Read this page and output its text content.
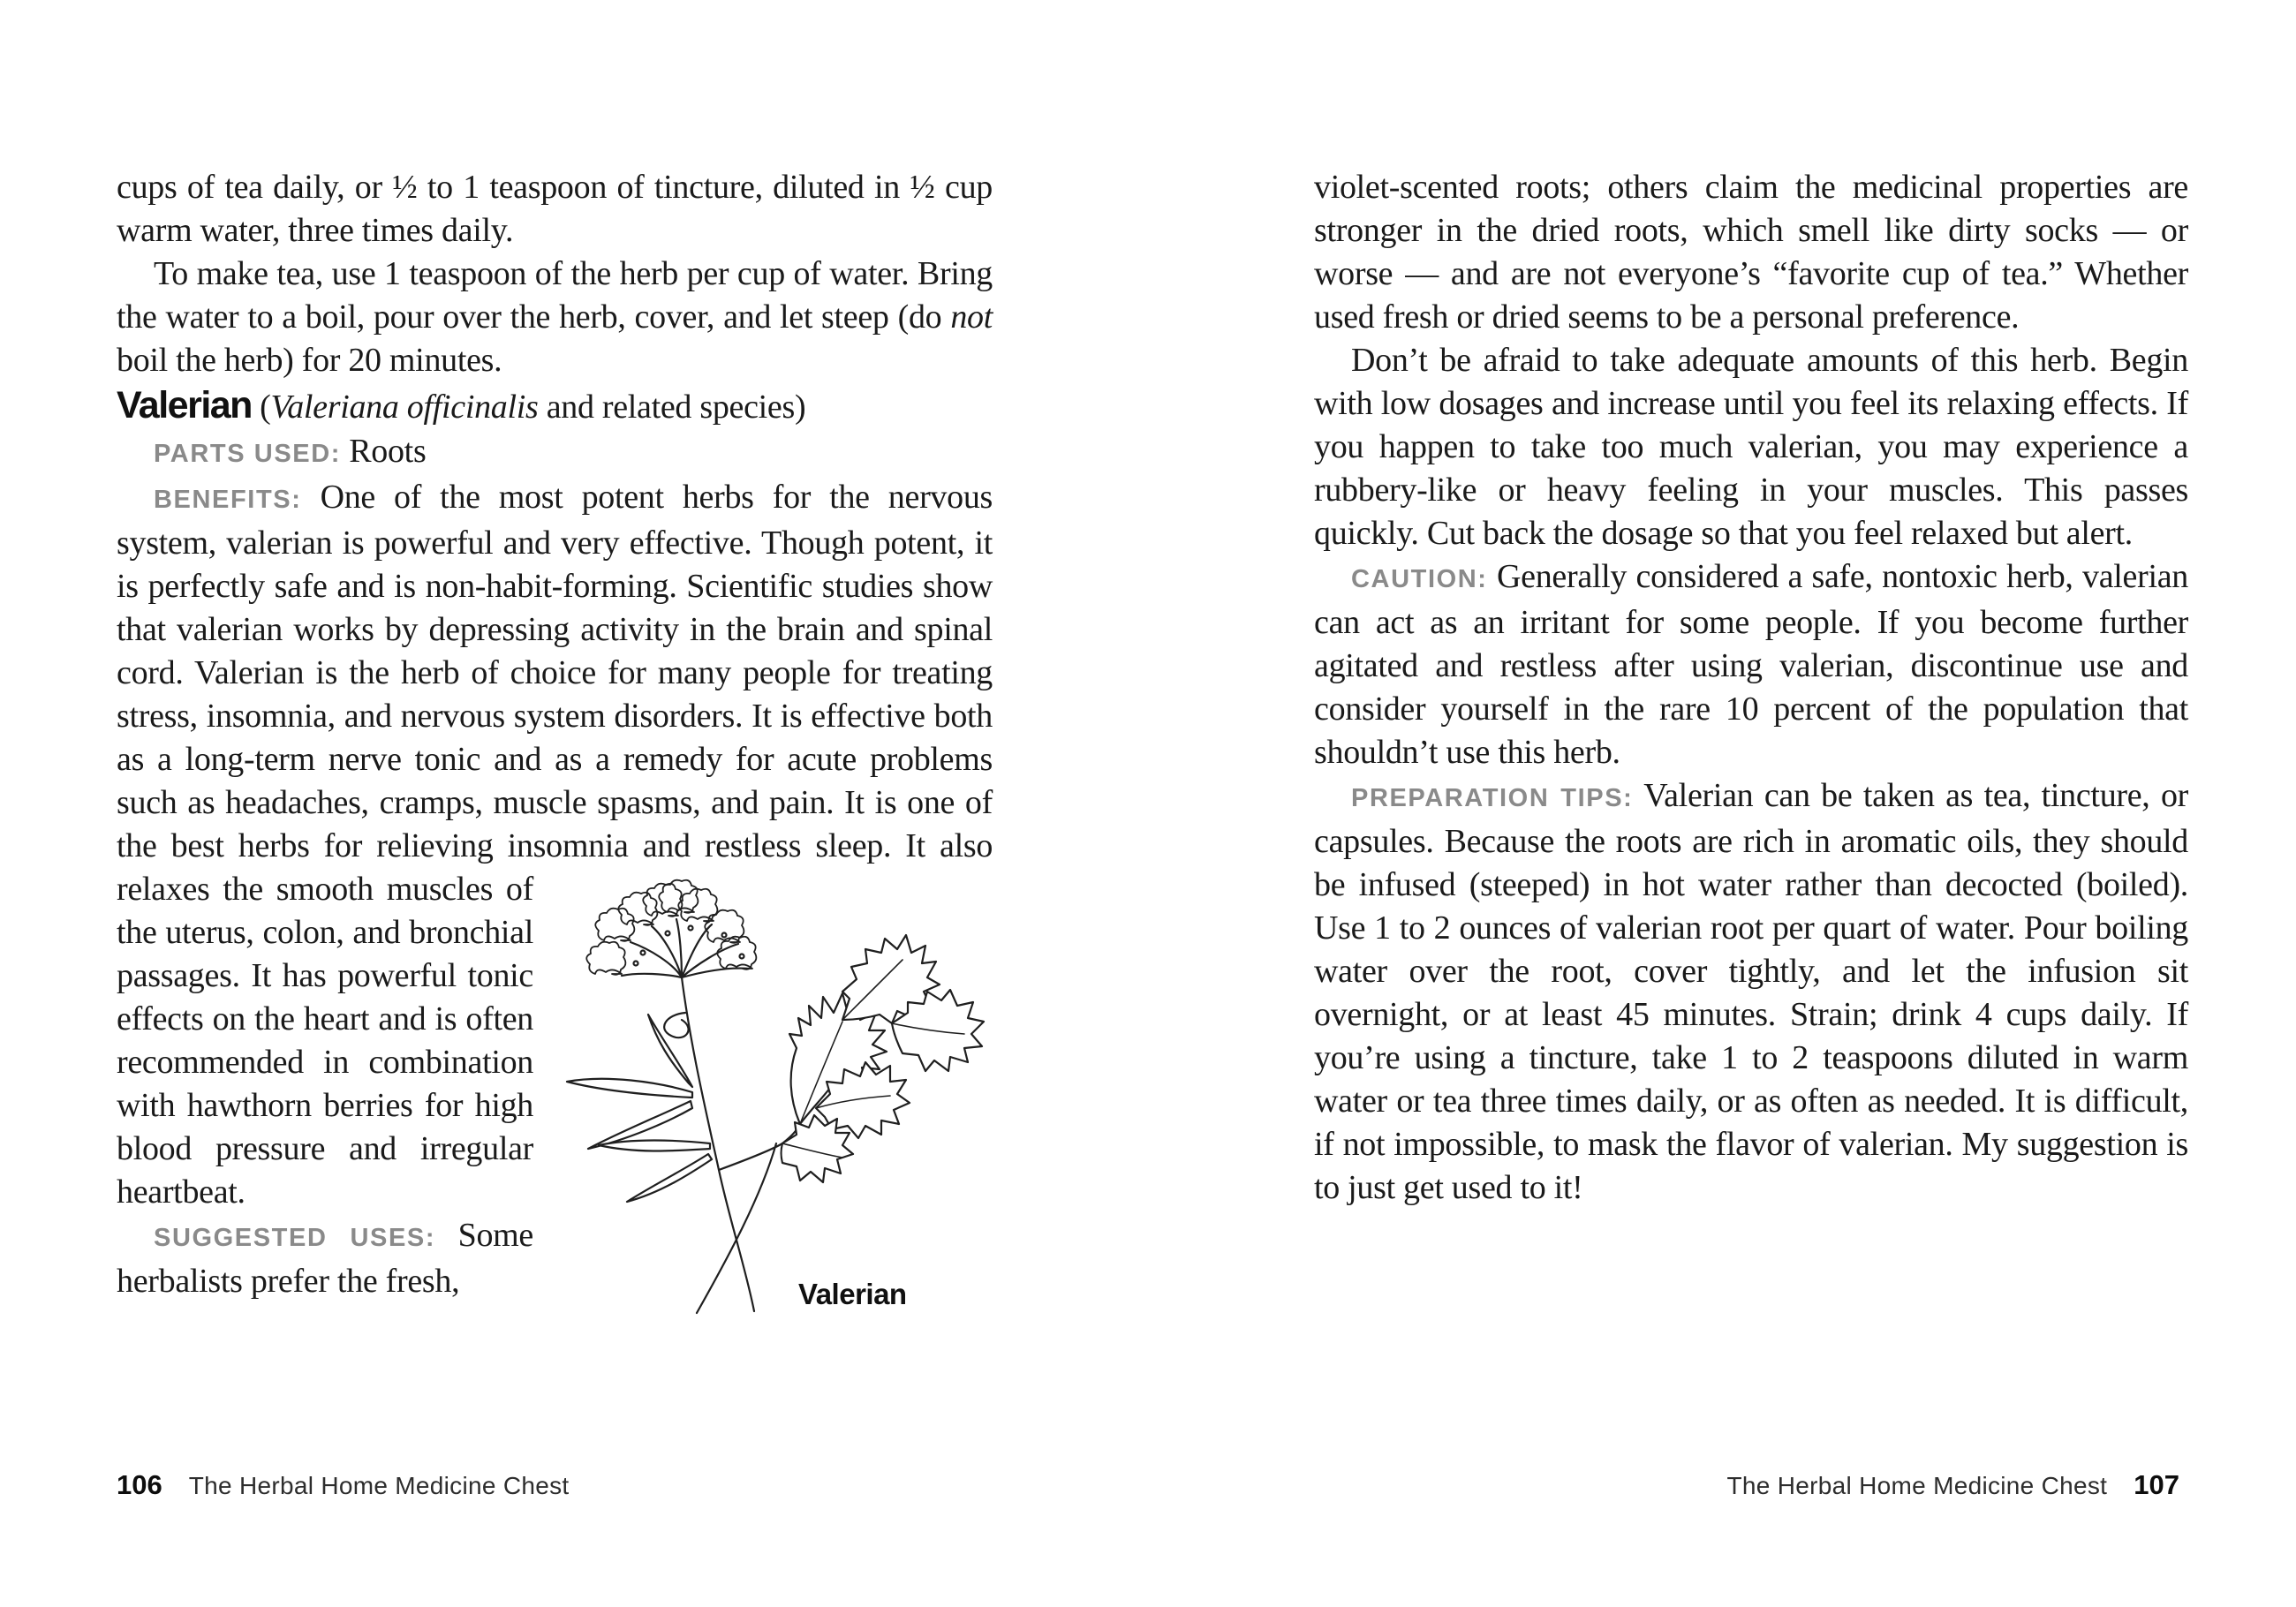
cups of tea daily, or ½ to 1 teaspoon of tincture, diluted in ½ cup warm water, three times daily.

To make tea, use 1 teaspoon of the herb per cup of water. Bring the water to a boil, pour over the herb, cover, and let steep (do not boil the herb) for 20 minutes.

Valerian (Valeriana officinalis and related species)

PARTS USED: Roots

BENEFITS: One of the most potent herbs for the nervous system, valerian is powerful and very effective. Though potent, it is perfectly safe and is non-habit-forming. Scientific studies show that valerian works by depressing activity in the brain and spinal cord. Valerian is the herb of choice for many people for treating stress, insomnia, and nervous system disorders. It is effective both as a long-term nerve tonic and as a remedy for acute problems such as headaches, cramps, muscle spasms, and pain. It is one of the best herbs for relieving insomnia and
Valerian
restless sleep. It also relaxes the smooth muscles of the uterus, colon, and bronchial passages. It has powerful tonic effects on the heart and is often recommended in combination with hawthorn berries for high blood pressure and irregular heartbeat.

SUGGESTED USES: Some herbalists prefer the fresh,

violet-scented roots; others claim the medicinal properties are stronger in the dried roots, which smell like dirty socks — or worse — and are not everyone’s “favorite cup of tea.” Whether used fresh or dried seems to be a personal preference.

Don’t be afraid to take adequate amounts of this herb. Begin with low dosages and increase until you feel its relaxing effects. If you happen to take too much valerian, you may experience a rubbery-like or heavy feeling in your muscles. This passes quickly. Cut back the dosage so that you feel relaxed but alert.

CAUTION: Generally considered a safe, nontoxic herb, valerian can act as an irritant for some people. If you become further agitated and restless after using valerian, discontinue use and consider yourself in the rare 10 percent of the population that shouldn’t use this herb.

PREPARATION TIPS: Valerian can be taken as tea, tincture, or capsules. Because the roots are rich in aromatic oils, they should be infused (steeped) in hot water rather than decocted (boiled). Use 1 to 2 ounces of valerian root per quart of water. Pour boiling water over the root, cover tightly, and let the infusion sit overnight, or at least 45 minutes. Strain; drink 4 cups daily. If you’re using a tincture, take 1 to 2 teaspoons diluted in warm water or tea three times daily, or as often as needed. It is difficult, if not impossible, to mask the flavor of valerian. My suggestion is to just get used to it!

106 The Herbal Home Medicine Chest	The Herbal Home Medicine Chest 107
